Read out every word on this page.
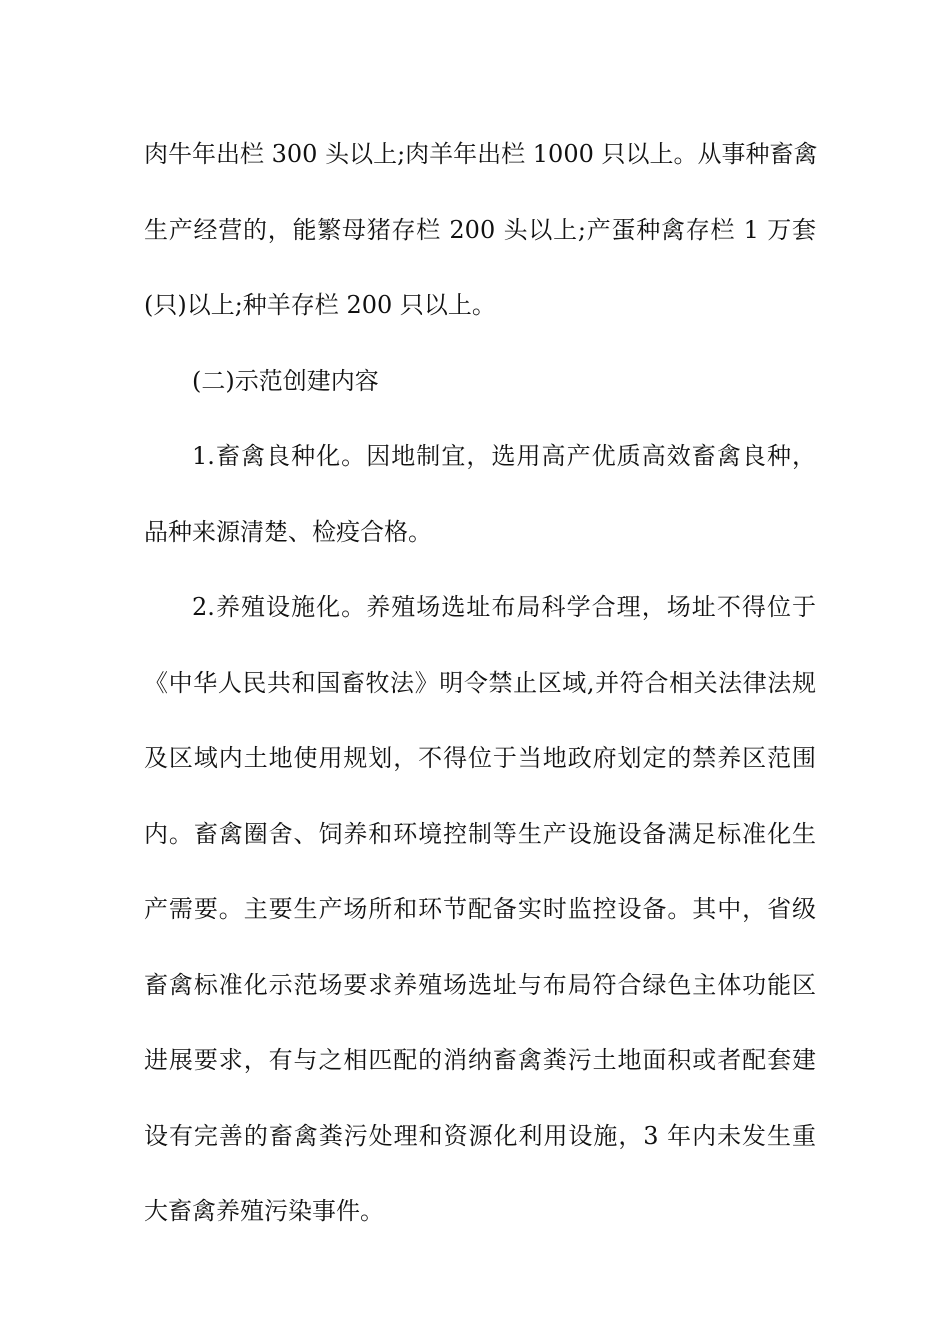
肉牛年出栏 300 头以上;肉羊年出栏 1000 只以上。从事种畜禽
生产经营的，能繁母猪存栏 200 头以上;产蛋种禽存栏 1 万套
(只)以上;种羊存栏 200 只以上。
(二)示范创建内容
1.畜禽良种化。因地制宜，选用高产优质高效畜禽良种，
品种来源清楚、检疫合格。
2.养殖设施化。养殖场选址布局科学合理，场址不得位于
《中华人民共和国畜牧法》明令禁止区域,并符合相关法律法规
及区域内土地使用规划，不得位于当地政府划定的禁养区范围
内。畜禽圈舍、饲养和环境控制等生产设施设备满足标准化生
产需要。主要生产场所和环节配备实时监控设备。其中，省级
畜禽标准化示范场要求养殖场选址与布局符合绿色主体功能区
进展要求，有与之相匹配的消纳畜禽粪污土地面积或者配套建
设有完善的畜禽粪污处理和资源化利用设施，3 年内未发生重
大畜禽养殖污染事件。
